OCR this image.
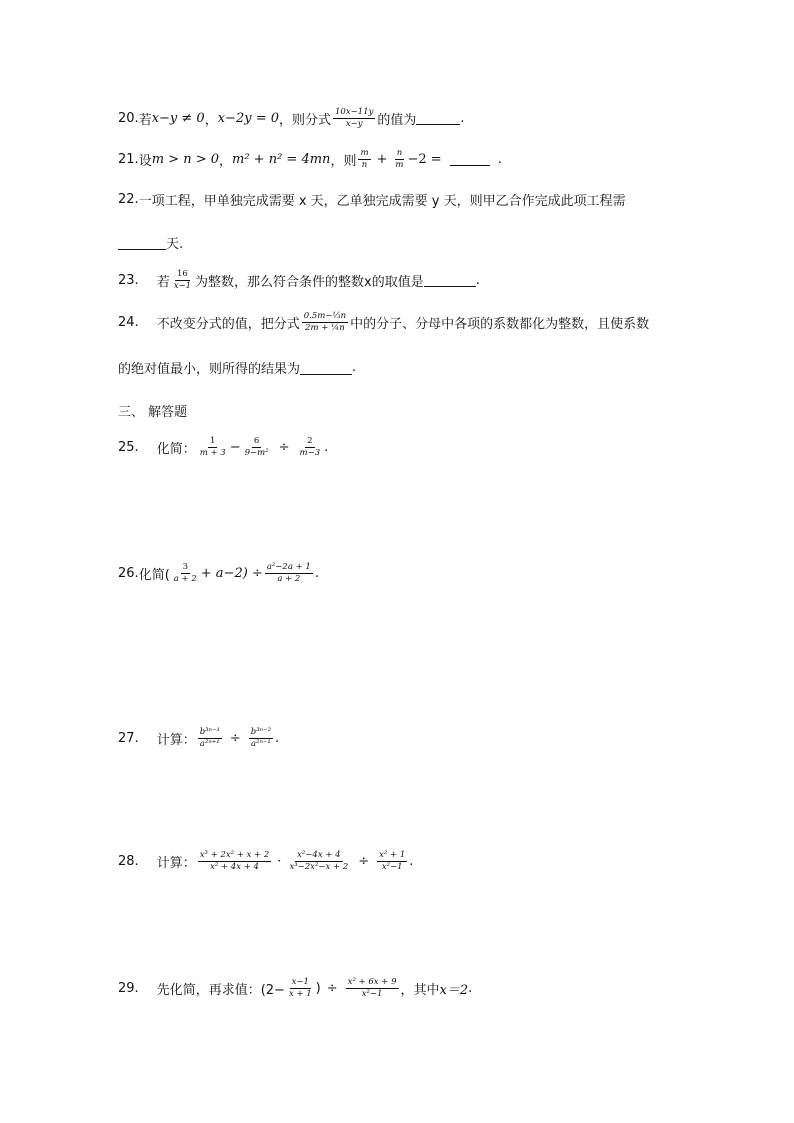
20. 若 x−y ≠ 0 ， x−2y = 0 ，则分式 $\frac{10x-11y}{x-y}$ 的值为	.
21. 设 m > n > 0 ， m² + n² = 4mn ，则 $\frac{m}{n} + \frac{n}{m} -2$ =	.
22. 一项工程，甲单独完成需要 x 天，乙单独完成需要 y 天，则甲乙合作完成此项工程需
天.
23. 若 $\frac{16}{x-1}$ 为整数，那么符合条件的整数x的取值是	.
24. 不改变分式的值，把分式 $\frac{\text{0.5m−⅓n}}{\text{2m + ¼n}}$ 中的分子、分母中各项的系数都化为整数，且使系数
的绝对值最小，则所得的结果为	.
三、 解答题
25. 化简： $\frac{1}{m + 3} - \frac{6}{\text{9−m²}} \div \frac{2}{m-3}$ .
26. 化简( $\frac{3}{a + 2} + a-2) \div \frac{\text{a²−2a + 1}}{a + 2}$ .
27. 计算： $\frac{\text{b³ⁿ⁻¹}}{\text{a²ⁿ⁺¹}} \div \frac{\text{b³ⁿ⁻²}}{\text{a²ⁿ⁻¹}}$ .
28. 计算： $\frac{\text{x³ + 2x² + x + 2}}{\text{x² + 4x + 4}} \cdot \frac{\text{x²−4x + 4}}{\text{x³−2x²−x + 2}} \div \frac{\text{x² + 1}}{\text{x²−1}}$ .
29. 先化简，再求值：($2- \frac{x-1}{x + 1}$ ) ÷ $\frac{\text{x² + 6x + 9}}{\text{x²−1}}$ ，其中 x＝2 .
